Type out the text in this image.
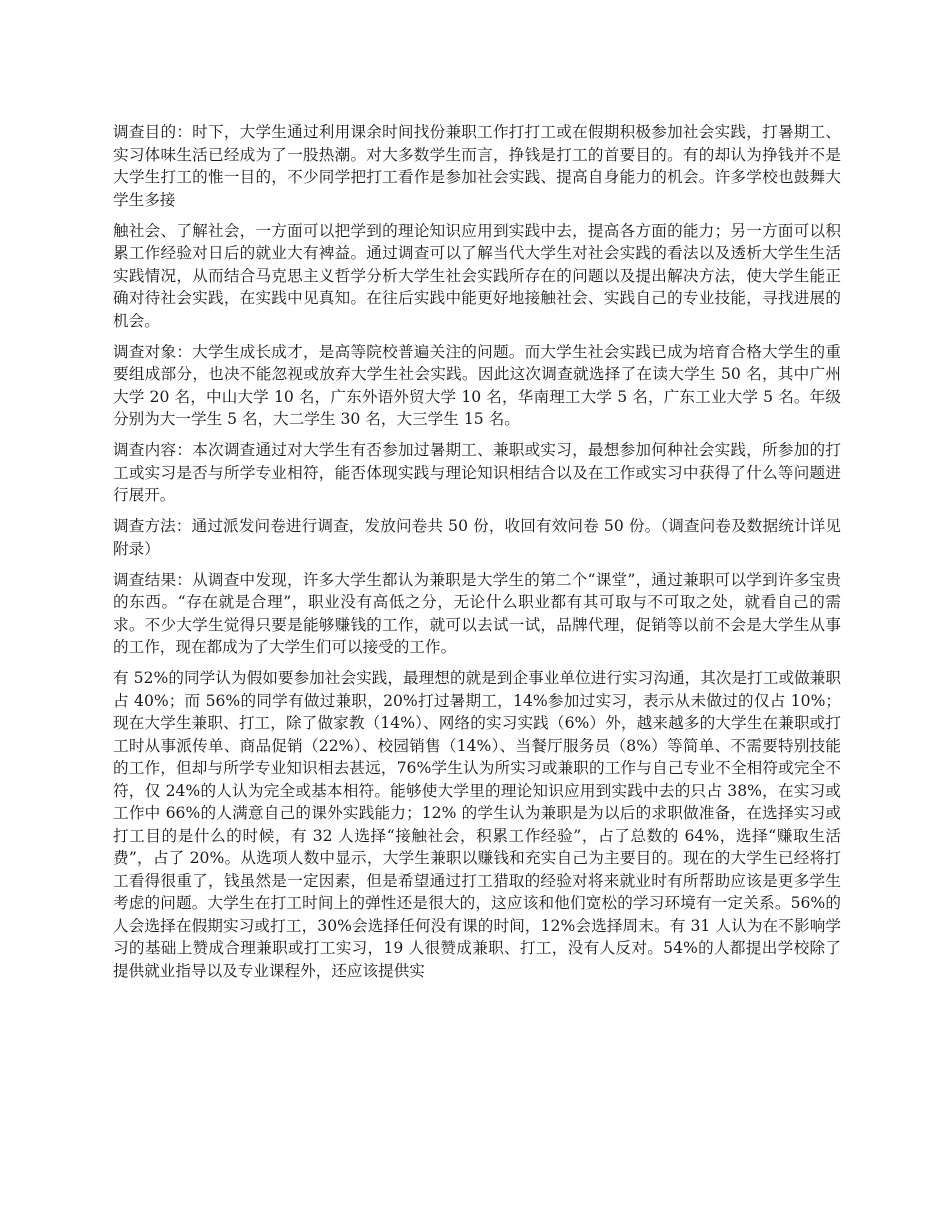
调查目的：时下，大学生通过利用课余时间找份兼职工作打打工或在假期积极参加社会实践，打暑期工、实习体味生活已经成为了一股热潮。对大多数学生而言，挣钱是打工的首要目的。有的却认为挣钱并不是大学生打工的惟一目的，不少同学把打工看作是参加社会实践、提高自身能力的机会。许多学校也鼓舞大学生多接

触社会、了解社会，一方面可以把学到的理论知识应用到实践中去，提高各方面的能力；另一方面可以积累工作经验对日后的就业大有裨益。通过调查可以了解当代大学生对社会实践的看法以及透析大学生生活实践情况，从而结合马克思主义哲学分析大学生社会实践所存在的问题以及提出解决方法，使大学生能正确对待社会实践，在实践中见真知。在往后实践中能更好地接触社会、实践自己的专业技能，寻找进展的机会。

调查对象：大学生成长成才，是高等院校普遍关注的问题。而大学生社会实践已成为培育合格大学生的重要组成部分，也决不能忽视或放弃大学生社会实践。因此这次调查就选择了在读大学生 50 名，其中广州大学 20 名，中山大学 10 名，广东外语外贸大学 10 名，华南理工大学 5 名，广东工业大学 5 名。年级分别为大一学生 5 名，大二学生 30 名，大三学生 15 名。

调查内容：本次调查通过对大学生有否参加过暑期工、兼职或实习，最想参加何种社会实践，所参加的打工或实习是否与所学专业相符，能否体现实践与理论知识相结合以及在工作或实习中获得了什么等问题进行展开。

调查方法：通过派发问卷进行调查，发放问卷共 50 份，收回有效问卷 50 份。（调查问卷及数据统计详见附录）

调查结果：从调查中发现，许多大学生都认为兼职是大学生的第二个“课堂”，通过兼职可以学到许多宝贵的东西。“存在就是合理”，职业没有高低之分，无论什么职业都有其可取与不可取之处，就看自己的需求。不少大学生觉得只要是能够赚钱的工作，就可以去试一试，品牌代理，促销等以前不会是大学生从事的工作，现在都成为了大学生们可以接受的工作。

有 52%的同学认为假如要参加社会实践，最理想的就是到企事业单位进行实习沟通，其次是打工或做兼职占 40%；而 56%的同学有做过兼职，20%打过暑期工，14%参加过实习，表示从未做过的仅占 10%；现在大学生兼职、打工，除了做家教（14%）、网络的实习实践（6%）外，越来越多的大学生在兼职或打工时从事派传单、商品促销（22%）、校园销售（14%）、当餐厅服务员（8%）等简单、不需要特别技能的工作，但却与所学专业知识相去甚远，76%学生认为所实习或兼职的工作与自己专业不全相符或完全不符，仅 24%的人认为完全或基本相符。能够使大学里的理论知识应用到实践中去的只占 38%，在实习或工作中 66%的人满意自己的课外实践能力；12% 的学生认为兼职是为以后的求职做准备，在选择实习或打工目的是什么的时候，有 32 人选择“接触社会，积累工作经验”，占了总数的 64%，选择“赚取生活费”，占了 20%。从选项人数中显示，大学生兼职以赚钱和充实自己为主要目的。现在的大学生已经将打工看得很重了，钱虽然是一定因素，但是希望通过打工猎取的经验对将来就业时有所帮助应该是更多学生考虑的问题。大学生在打工时间上的弹性还是很大的，这应该和他们宽松的学习环境有一定关系。56%的人会选择在假期实习或打工，30%会选择任何没有课的时间，12%会选择周末。有 31 人认为在不影响学习的基础上赞成合理兼职或打工实习，19 人很赞成兼职、打工，没有人反对。54%的人都提出学校除了提供就业指导以及专业课程外，还应该提供实
